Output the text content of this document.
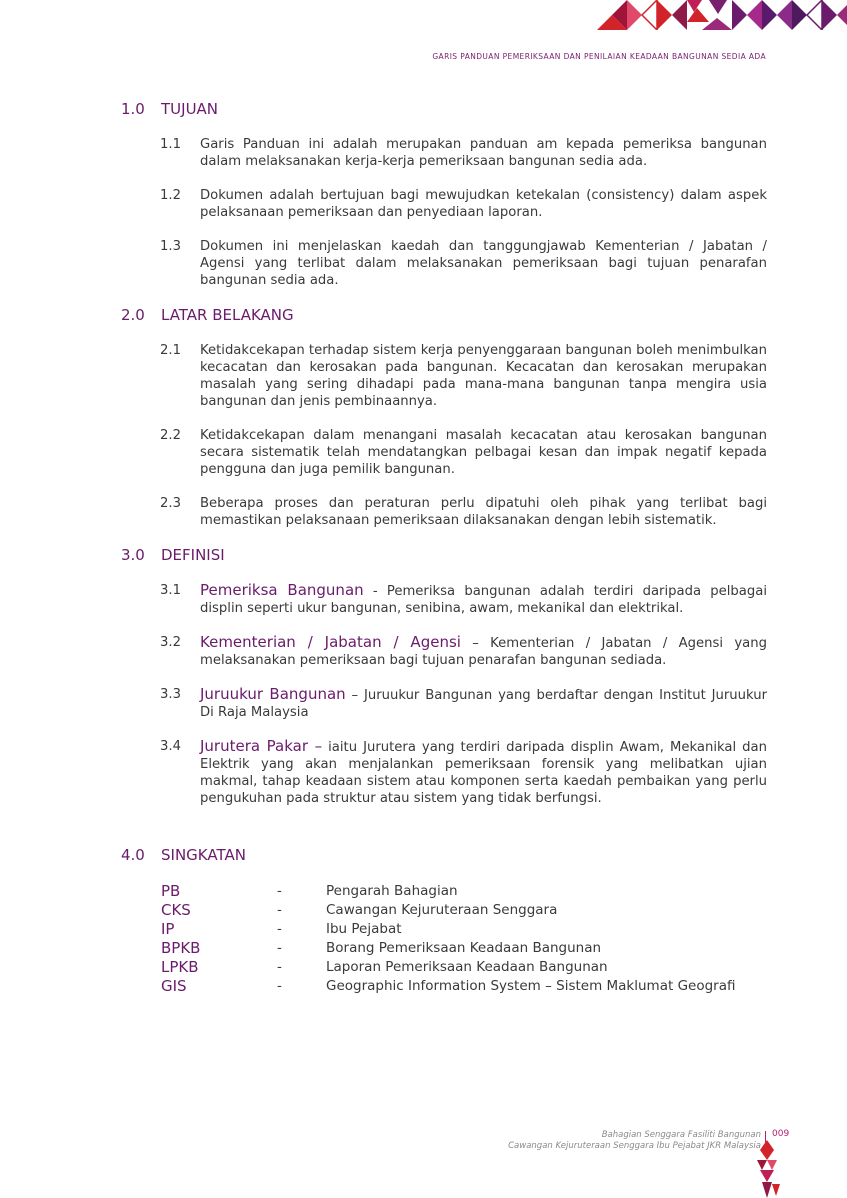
GARIS PANDUAN PEMERIKSAAN DAN PENILAIAN KEADAAN BANGUNAN SEDIA ADA
1.0	TUJUAN
1.1 Garis Panduan ini adalah merupakan panduan am kepada pemeriksa bangunan dalam melaksanakan kerja-kerja pemeriksaan bangunan sedia ada.
1.2 Dokumen adalah bertujuan bagi mewujudkan ketekalan (consistency) dalam aspek pelaksanaan pemeriksaan dan penyediaan laporan.
1.3 Dokumen ini menjelaskan kaedah dan tanggungjawab Kementerian / Jabatan / Agensi yang terlibat dalam melaksanakan pemeriksaan bagi tujuan penarafan bangunan sedia ada.
2.0	LATAR BELAKANG
2.1 Ketidakcekapan terhadap sistem kerja penyenggaraan bangunan boleh menimbulkan kecacatan dan kerosakan pada bangunan. Kecacatan dan kerosakan merupakan masalah yang sering dihadapi pada mana-mana bangunan tanpa mengira usia bangunan dan jenis pembinaannya.
2.2 Ketidakcekapan dalam menangani masalah kecacatan atau kerosakan bangunan secara sistematik telah mendatangkan pelbagai kesan dan impak negatif kepada pengguna dan juga pemilik bangunan.
2.3 Beberapa proses dan peraturan perlu dipatuhi oleh pihak yang terlibat bagi memastikan pelaksanaan pemeriksaan dilaksanakan dengan lebih sistematik.
3.0	DEFINISI
3.1 Pemeriksa Bangunan - Pemeriksa bangunan adalah terdiri daripada pelbagai displin seperti ukur bangunan, senibina, awam, mekanikal dan elektrikal.
3.2 Kementerian / Jabatan / Agensi – Kementerian / Jabatan / Agensi yang melaksanakan pemeriksaan bagi tujuan penarafan bangunan sediada.
3.3 Juruukur Bangunan – Juruukur Bangunan yang berdaftar dengan Institut Juruukur Di Raja Malaysia
3.4 Jurutera Pakar – iaitu Jurutera yang terdiri daripada displin Awam, Mekanikal dan Elektrik yang akan menjalankan pemeriksaan forensik yang melibatkan ujian makmal, tahap keadaan sistem atau komponen serta kaedah pembaikan yang perlu pengukuhan pada struktur atau sistem yang tidak berfungsi.
4.0	SINGKATAN
PB	-	Pengarah Bahagian
CKS	-	Cawangan Kejuruteraan Senggara
IP	-	Ibu Pejabat
BPKB	-	Borang Pemeriksaan Keadaan Bangunan
LPKB	-	Laporan Pemeriksaan Keadaan Bangunan
GIS	-	Geographic Information System – Sistem Maklumat Geografi
Bahagian Senggara Fasiliti Bangunan
Cawangan Kejuruteraan Senggara Ibu Pejabat JKR Malaysia
009
